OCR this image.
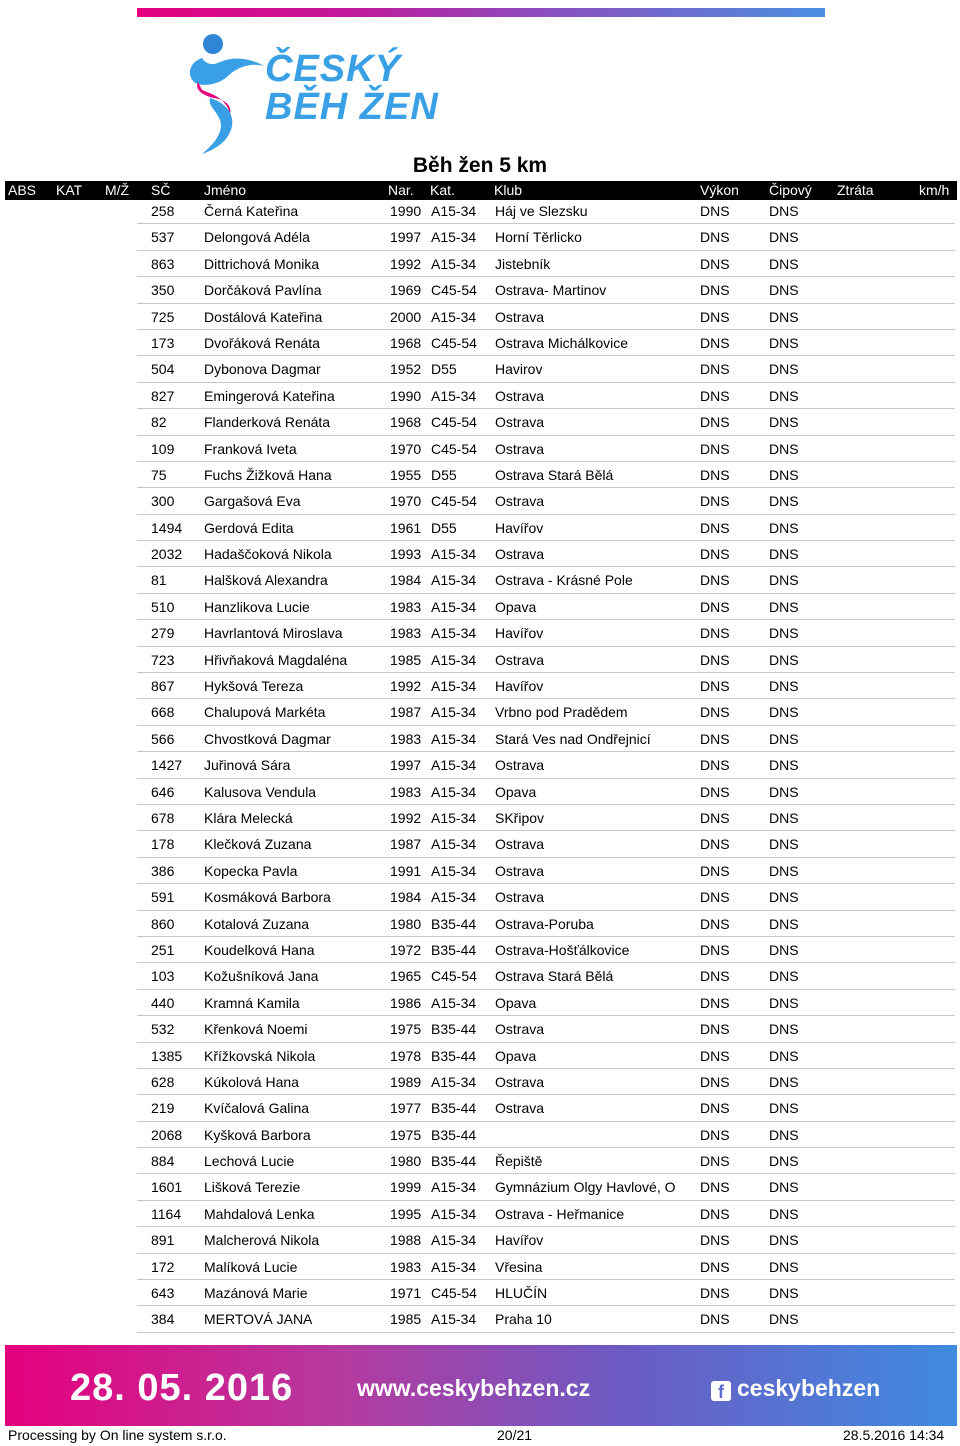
ČESKÝ
BĚH ŽEN
Běh žen 5 km
ABS KAT M/Ž SČ Jméno	Nar. Kat.	Klub	Výkon Čipový Ztráta	km/h
258 Černá Kateřina	1990 A15-34 Háj ve Slezsku	DNS	DNS
537 Delongová Adéla	1997 A15-34 Horní Těrlicko	DNS	DNS
863 Dittrichová Monika	1992 A15-34 Jistebník	DNS	DNS
350 Dorčáková Pavlína	1969 C45-54 Ostrava- Martinov	DNS	DNS
725 Dostálová Kateřina	2000 A15-34 Ostrava	DNS	DNS
173 Dvořáková Renáta	1968 C45-54 Ostrava Michálkovice	DNS	DNS
504 Dybonova Dagmar	1952 D55	Havirov	DNS	DNS
827 Emingerová Kateřina	1990 A15-34 Ostrava	DNS	DNS
82	Flanderková Renáta	1968 C45-54 Ostrava	DNS	DNS
109 Franková Iveta	1970 C45-54 Ostrava	DNS	DNS
75	Fuchs Žižková Hana	1955 D55	Ostrava Stará Bělá	DNS	DNS
300 Gargašová Eva	1970 C45-54 Ostrava	DNS	DNS
1494 Gerdová Edita	1961 D55	Havířov	DNS	DNS
2032 Hadaščoková Nikola	1993 A15-34 Ostrava	DNS	DNS
81	Halšková Alexandra	1984 A15-34 Ostrava - Krásné Pole	DNS	DNS
510 Hanzlikova Lucie	1983 A15-34 Opava	DNS	DNS
279 Havrlantová Miroslava	1983 A15-34 Havířov	DNS	DNS
723 Hřivňaková Magdaléna	1985 A15-34 Ostrava	DNS	DNS
867 Hykšová Tereza	1992 A15-34 Havířov	DNS	DNS
668 Chalupová Markéta	1987 A15-34 Vrbno pod Pradědem	DNS	DNS
566 Chvostková Dagmar	1983 A15-34 Stará Ves nad Ondřejnicí	DNS	DNS
1427 Juřinová Sára	1997 A15-34 Ostrava	DNS	DNS
646 Kalusova Vendula	1983 A15-34 Opava	DNS	DNS
678 Klára Melecká	1992 A15-34 SKřipov	DNS	DNS
178 Klečková Zuzana	1987 A15-34 Ostrava	DNS	DNS
386 Kopecka Pavla	1991 A15-34 Ostrava	DNS	DNS
591 Kosmáková Barbora	1984 A15-34 Ostrava	DNS	DNS
860 Kotalová Zuzana	1980 B35-44 Ostrava-Poruba	DNS	DNS
251 Koudelková Hana	1972 B35-44 Ostrava-Hošťálkovice	DNS	DNS
103 Kožušníková Jana	1965 C45-54 Ostrava Stará Bělá	DNS	DNS
440 Kramná Kamila	1986 A15-34 Opava	DNS	DNS
532 Křenková Noemi	1975 B35-44 Ostrava	DNS	DNS
1385 Křížkovská Nikola	1978 B35-44 Opava	DNS	DNS
628 Kúkolová Hana	1989 A15-34 Ostrava	DNS	DNS
219 Kvíčalová Galina	1977 B35-44 Ostrava	DNS	DNS
2068 Kyšková Barbora	1975 B35-44	DNS	DNS
884 Lechová Lucie	1980 B35-44 Řepiště	DNS	DNS
1601 Lišková Terezie	1999 A15-34 Gymnázium Olgy Havlové, O DNS	DNS
1164 Mahdalová Lenka	1995 A15-34 Ostrava - Heřmanice	DNS	DNS
891 Malcherová Nikola	1988 A15-34 Havířov	DNS	DNS
172 Malíková Lucie	1983 A15-34 Vřesina	DNS	DNS
643 Mazánová Marie	1971 C45-54 HLUČÍN	DNS	DNS
384 MERTOVÁ JANA	1985 A15-34 Praha 10	DNS	DNS
28. 05. 2016	www.ceskybehzen.cz	f ceskybehzen
Processing by On line system s.r.o.	20/21	28.5.2016 14:34
